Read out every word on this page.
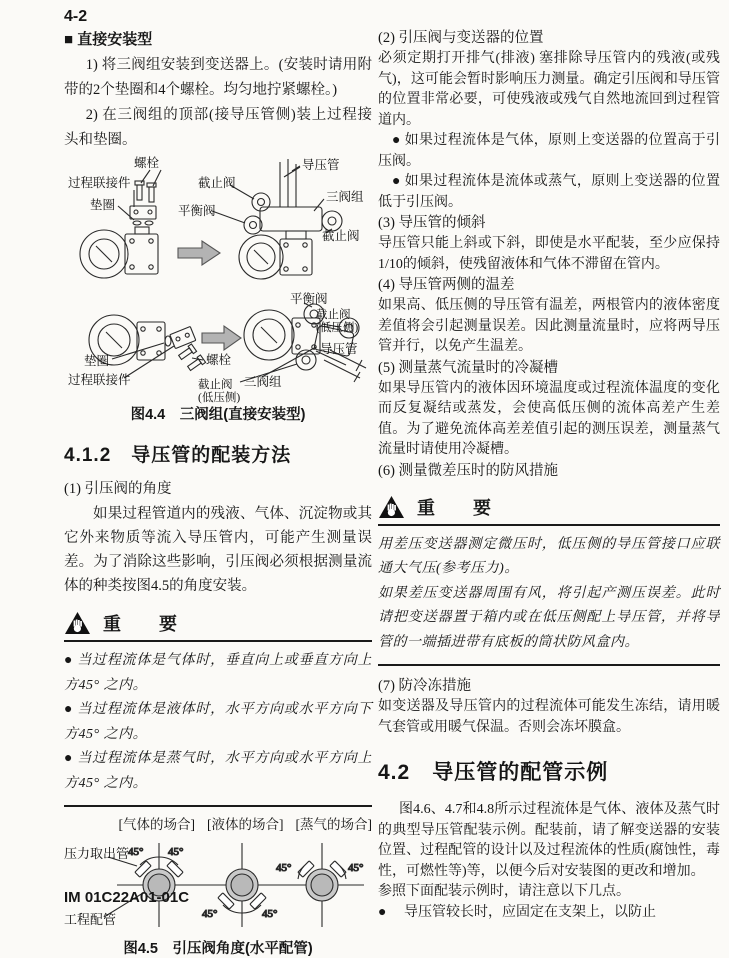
4-2
■ 直接安装型

1) 将三阀组安装到变送器上。(安装时请用附带的2个垫圈和4个螺栓。均匀地拧紧螺栓。)

2) 在三阀组的顶部(接导压管侧)装上过程接头和垫圈。

螺栓
过程联接件
垫圈
导压管
截止阀
三阀组
平衡阀
截止阀
平衡阀
截止阀
(低压侧)
导压管
垫圈	螺栓
过程联接件	截止阀
(低压侧)
三阀组
图4.4　三阀组(直接安装型)
4.1.2　导压管的配装方法

(1) 引压阀的角度

如果过程管道内的残液、气体、沉淀物或其它外来物质等流入导压管内，可能产生测量误差。为了消除这些影响，引压阀必须根据测量流体的种类按图4.5的角度安装。

重　要

● 当过程流体是气体时，垂直向上或垂直方向上方45° 之内。

● 当过程流体是液体时，水平方向或水平方向下方45° 之内。

● 当过程流体是蒸气时，水平方向或水平方向上方45° 之内。

[气体的场合] [液体的场合] [蒸气的场合]
45° 45°
45°	45°
45°	45°
压力取出管
工程配管
图4.5　引压阀角度(水平配管)

(2) 引压阀与变送器的位置

必须定期打开排气(排液) 塞排除导压管内的残液(或残气)，这可能会暂时影响压力测量。确定引压阀和导压管的位置非常必要，可使残液或残气自然地流回到过程管道内。

● 如果过程流体是气体，原则上变送器的位置高于引压阀。

● 如果过程流体是流体或蒸气，原则上变送器的位置低于引压阀。

(3) 导压管的倾斜

导压管只能上斜或下斜，即使是水平配装，至少应保持1/10的倾斜，使残留液体和气体不滞留在管内。

(4) 导压管两侧的温差

如果高、低压侧的导压管有温差，两根管内的液体密度差值将会引起测量误差。因此测量流量时，应将两导压管并行，以免产生温差。

(5) 测量蒸气流量时的冷凝槽

如果导压管内的液体因环境温度或过程流体温度的变化而反复凝结或蒸发，会使高低压侧的流体高差产生差值。为了避免流体高差差值引起的测压误差，测量蒸气流量时请使用冷凝槽。

(6) 测量微差压时的防风措施

重　要

用差压变送器测定微压时，低压侧的导压管接口应联通大气压(参考压力)。

如果差压变送器周围有风，将引起产测压误差。此时请把变送器置于箱内或在低压侧配上导压管，并将导管的一端插进带有底板的筒状防风盒内。

(7) 防冷冻措施

如变送器及导压管内的过程流体可能发生冻结，请用暖气套管或用暖气保温。否则会冻坏膜盒。

4.2　导压管的配管示例

图4.6、4.7和4.8所示过程流体是气体、液体及蒸气时的典型导压管配装示例。配装前，请了解变送器的安装位置、过程配管的设计以及过程流体的性质(腐蚀性，毒性，可燃性等)等，以便今后对安装图的更改和增加。

参照下面配装示例时，请注意以下几点。

●　 导压管较长时，应固定在支架上，以防止

IM 01C22A01-01C
